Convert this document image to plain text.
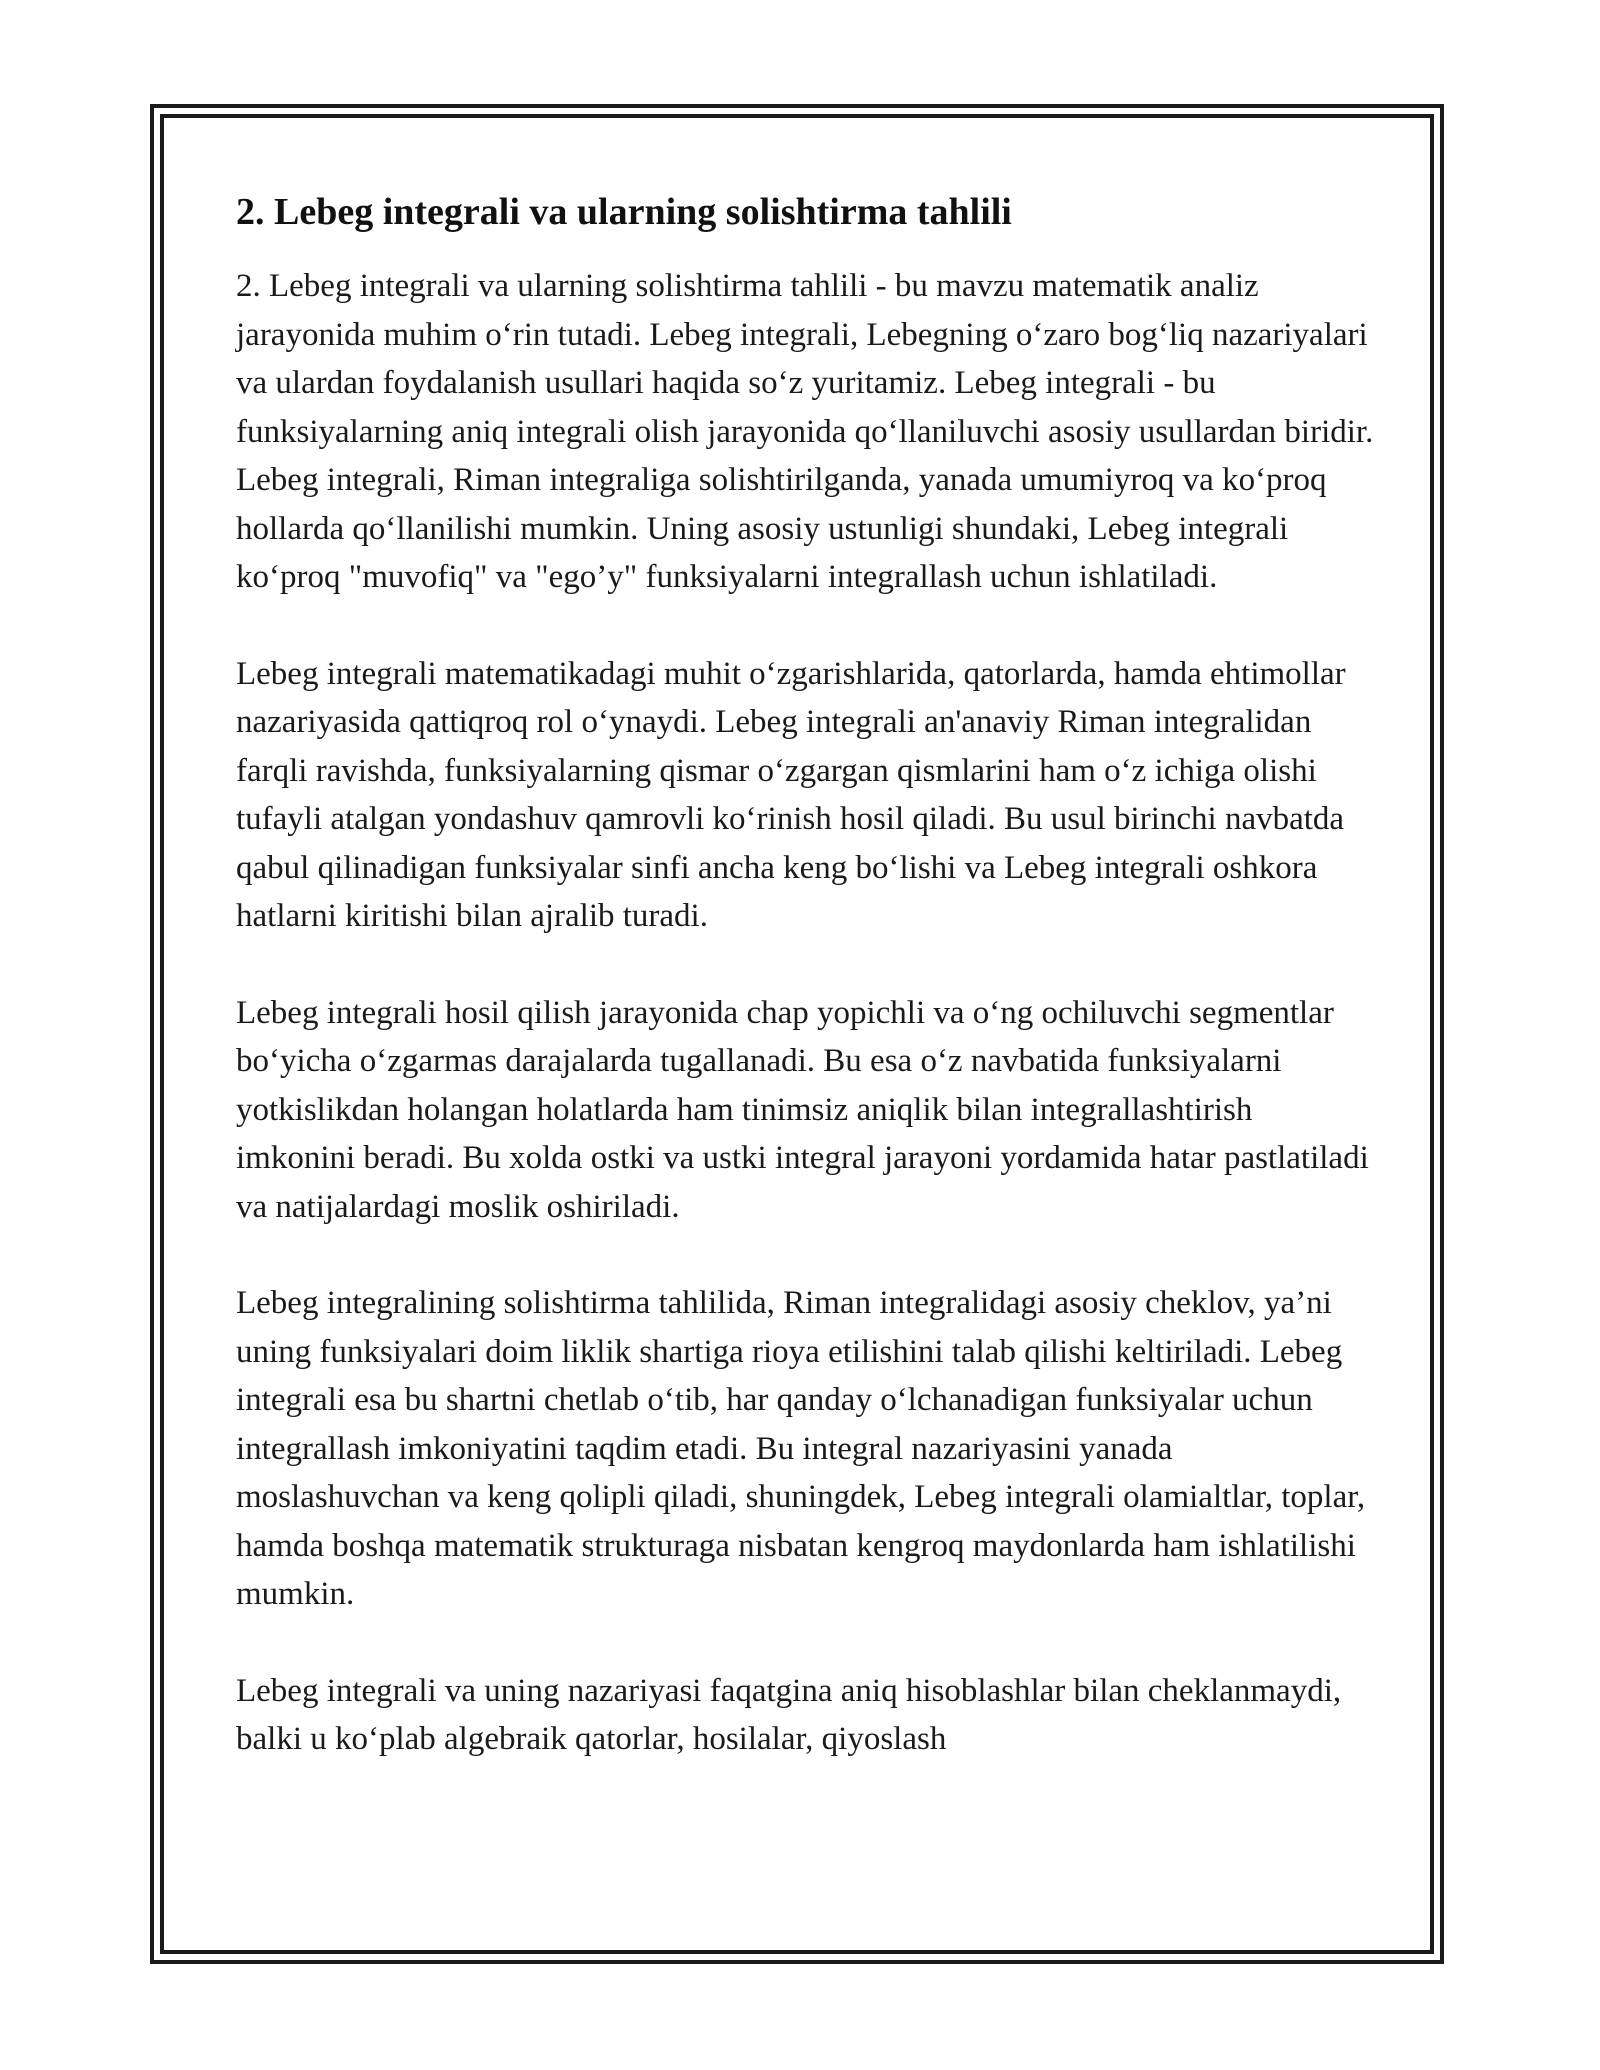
2. Lebeg integrali va ularning solishtirma tahlili

2. Lebeg integrali va ularning solishtirma tahlili - bu mavzu matematik analiz jarayonida muhim o‘rin tutadi. Lebeg integrali, Lebegning o‘zaro bog‘liq nazariyalari va ulardan foydalanish usullari haqida so‘z yuritamiz. Lebeg integrali - bu funksiyalarning aniq integrali olish jarayonida qo‘llaniluvchi asosiy usullardan biridir. Lebeg integrali, Riman integraliga solishtirilganda, yanada umumiyroq va ko‘proq hollarda qo‘llanilishi mumkin. Uning asosiy ustunligi shundaki, Lebeg integrali ko‘proq "muvofiq" va "ego’y" funksiyalarni integrallash uchun ishlatiladi.

Lebeg integrali matematikadagi muhit o‘zgarishlarida, qatorlarda, hamda ehtimollar nazariyasida qattiqroq rol o‘ynaydi. Lebeg integrali an'anaviy Riman integralidan farqli ravishda, funksiyalarning qismar o‘zgargan qismlarini ham o‘z ichiga olishi tufayli atalgan yondashuv qamrovli ko‘rinish hosil qiladi. Bu usul birinchi navbatda qabul qilinadigan funksiyalar sinfi ancha keng bo‘lishi va Lebeg integrali oshkora hatlarni kiritishi bilan ajralib turadi.

Lebeg integrali hosil qilish jarayonida chap yopichli va o‘ng ochiluvchi segmentlar bo‘yicha o‘zgarmas darajalarda tugallanadi. Bu esa o‘z navbatida funksiyalarni yotkislikdan holangan holatlarda ham tinimsiz aniqlik bilan integrallashtirish imkonini beradi. Bu xolda ostki va ustki integral jarayoni yordamida hatar pastlatiladi va natijalardagi moslik oshiriladi.

Lebeg integralining solishtirma tahlilida, Riman integralidagi asosiy cheklov, ya’ni uning funksiyalari doim liklik shartiga rioya etilishini talab qilishi keltiriladi. Lebeg integrali esa bu shartni chetlab o‘tib, har qanday o‘lchanadigan funksiyalar uchun integrallash imkoniyatini taqdim etadi. Bu integral nazariyasini yanada moslashuvchan va keng qolipli qiladi, shuningdek, Lebeg integrali olamialtlar, toplar, hamda boshqa matematik strukturaga nisbatan kengroq maydonlarda ham ishlatilishi mumkin.

Lebeg integrali va uning nazariyasi faqatgina aniq hisoblashlar bilan cheklanmaydi, balki u ko‘plab algebraik qatorlar, hosilalar, qiyoslash
